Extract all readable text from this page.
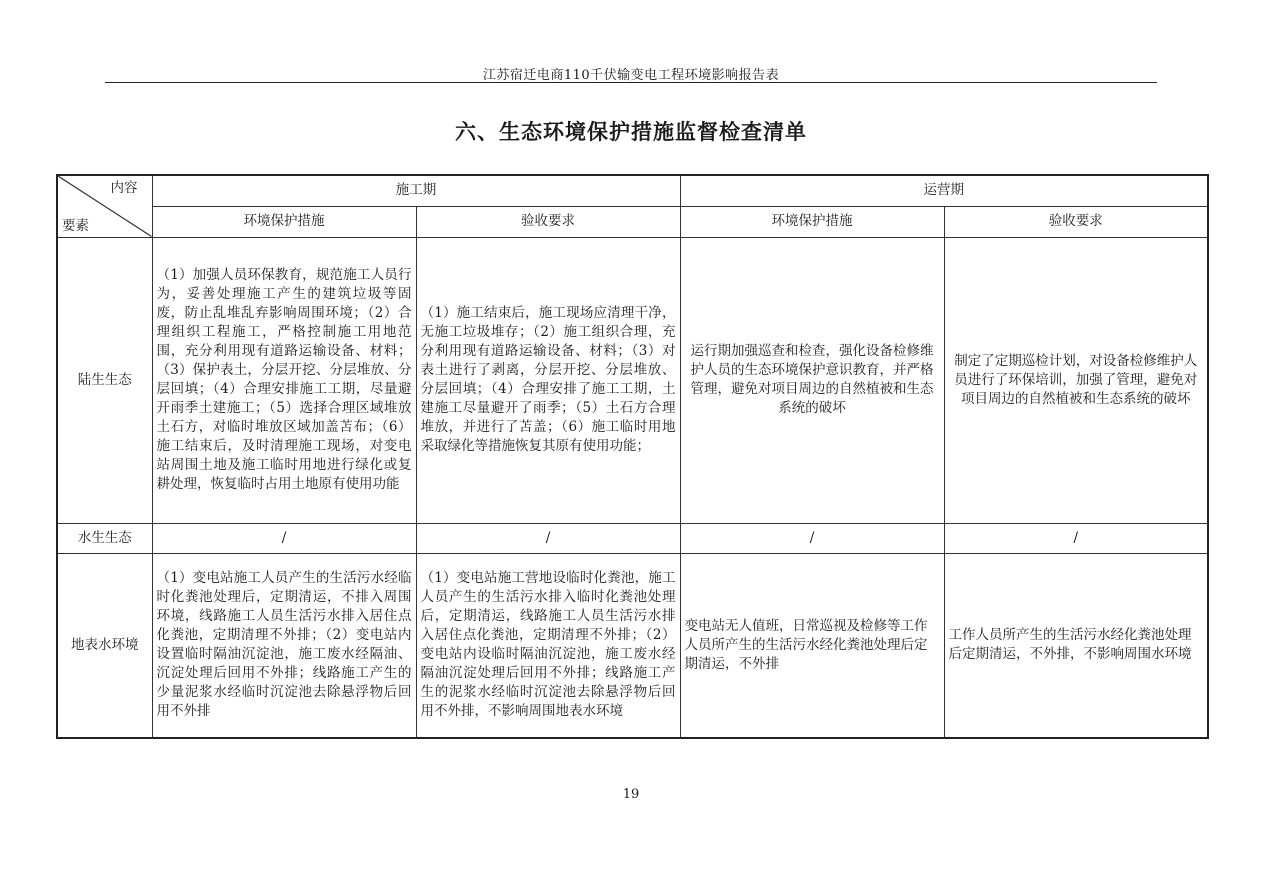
江苏宿迁电商110千伏输变电工程环境影响报告表
六、生态环境保护措施监督检查清单
内容
要素	施工期		运营期	
	环境保护措施	验收要求	环境保护措施	验收要求
陆生生态	（1）加强人员环保教育，规范施工人员行为，妥善处理施工产生的建筑垃圾等固废，防止乱堆乱弃影响周围环境；（2）合理组织工程施工，严格控制施工用地范围，充分利用现有道路运输设备、材料；（3）保护表土，分层开挖、分层堆放、分层回填；（4）合理安排施工工期，尽量避开雨季土建施工；（5）选择合理区域堆放土石方，对临时堆放区域加盖苫布；（6）施工结束后，及时清理施工现场，对变电站周围土地及施工临时用地进行绿化或复耕处理，恢复临时占用土地原有使用功能	（1）施工结束后，施工现场应清理干净，无施工垃圾堆存；（2）施工组织合理，充分利用现有道路运输设备、材料；（3）对表土进行了剥离，分层开挖、分层堆放、分层回填；（4）合理安排了施工工期，土建施工尽量避开了雨季；（5）土石方合理堆放，并进行了苫盖；（6）施工临时用地采取绿化等措施恢复其原有使用功能；	运行期加强巡查和检查，强化设备检修维护人员的生态环境保护意识教育，并严格管理，避免对项目周边的自然植被和生态系统的破坏	制定了定期巡检计划，对设备检修维护人员进行了环保培训，加强了管理，避免对项目周边的自然植被和生态系统的破坏
水生生态	/	/	/	/
地表水环境	（1）变电站施工人员产生的生活污水经临时化粪池处理后，定期清运，不排入周围环境，线路施工人员生活污水排入居住点化粪池，定期清理不外排；（2）变电站内设置临时隔油沉淀池，施工废水经隔油、沉淀处理后回用不外排；线路施工产生的少量泥浆水经临时沉淀池去除悬浮物后回用不外排	（1）变电站施工营地设临时化粪池，施工人员产生的生活污水排入临时化粪池处理后，定期清运，线路施工人员生活污水排入居住点化粪池，定期清理不外排；（2）变电站内设临时隔油沉淀池，施工废水经隔油沉淀处理后回用不外排；线路施工产生的泥浆水经临时沉淀池去除悬浮物后回用不外排，不影响周围地表水环境	变电站无人值班，日常巡视及检修等工作人员所产生的生活污水经化粪池处理后定期清运，不外排	工作人员所产生的生活污水经化粪池处理后定期清运，不外排，不影响周围水环境
19
